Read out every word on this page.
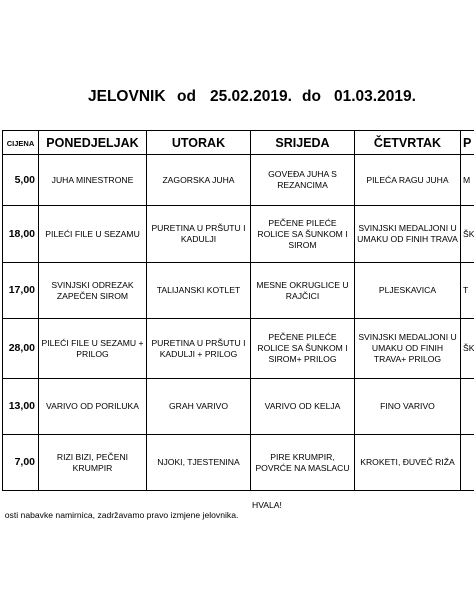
JELOVNIK

od

25.02.2019.

do

01.03.2019.

CIJENA	PONEDJELJAK	UTORAK	SRIJEDA	ČETVRTAK	P
5,00	JUHA MINESTRONE	ZAGORSKA JUHA	GOVEĐA JUHA S REZANCIMA	PILEĆA RAGU JUHA	M
18,00	PILEĆI FILE U SEZAMU	PURETINA U PRŠUTU I KADULJI	PEČENE PILEĆE ROLICE SA ŠUNKOM I SIROM	SVINJSKI MEDALJONI U UMAKU OD FINIH TRAVA	ŠK
17,00	SVINJSKI ODREZAK ZAPEČEN SIROM	TALIJANSKI KOTLET	MESNE OKRUGLICE U RAJČICI	PLJESKAVICA	T
28,00	PILEĆI FILE U SEZAMU + PRILOG	PURETINA U PRŠUTU I KADULJI + PRILOG	PEČENE PILEĆE ROLICE SA ŠUNKOM I SIROM+ PRILOG	SVINJSKI MEDALJONI U UMAKU OD FINIH TRAVA+ PRILOG	ŠK
13,00	VARIVO OD PORILUKA	GRAH VARIVO	VARIVO OD KELJA	FINO VARIVO	
7,00	RIZI BIZI, PEČENI KRUMPIR	NJOKI, TJESTENINA	PIRE KRUMPIR, POVRĆE NA MASLACU	KROKETI, ĐUVEČ RIŽA	

osti nabavke namirnica, zadržavamo pravo izmjene jelovnika.

HVALA!
